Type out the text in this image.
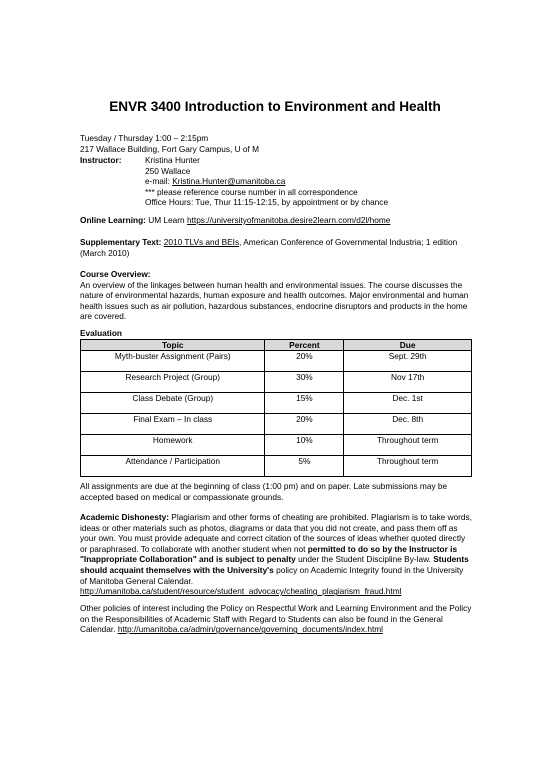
ENVR 3400 Introduction to Environment and Health
Tuesday / Thursday 1:00 – 2:15pm
217 Wallace Building, Fort Gary Campus, U of M
Instructor:	Kristina Hunter
250 Wallace
e-mail: Kristina.Hunter@umanitoba.ca
*** please reference course number in all correspondence
Office Hours: Tue, Thur 11:15-12:15, by appointment or by chance
Online Learning: UM Learn https://universityofmanitoba.desire2learn.com/d2l/home
Supplementary Text: 2010 TLVs and BEIs, American Conference of Governmental Industria; 1 edition (March 2010)
Course Overview:
An overview of the linkages between human health and environmental issues. The course discusses the nature of environmental hazards, human exposure and health outcomes. Major environmental and human health issues such as air pollution, hazardous substances, endocrine disruptors and products in the home are covered.
Evaluation
Topic	Percent	Due
Myth-buster Assignment (Pairs)	20%	Sept. 29th
Research Project (Group)	30%	Nov 17th
Class Debate (Group)	15%	Dec. 1st
Final Exam – In class	20%	Dec. 8th
Homework	10%	Throughout term
Attendance / Participation	5%	Throughout term
All assignments are due at the beginning of class (1:00 pm) and on paper. Late submissions may be accepted based on medical or compassionate grounds.
Academic Dishonesty: Plagiarism and other forms of cheating are prohibited. Plagiarism is to take words, ideas or other materials such as photos, diagrams or data that you did not create, and pass them off as your own. You must provide adequate and correct citation of the sources of ideas whether quoted directly or paraphrased. To collaborate with another student when not permitted to do so by the Instructor is "Inappropriate Collaboration" and is subject to penalty under the Student Discipline By-law. Students should acquaint themselves with the University's policy on Academic Integrity found in the University of Manitoba General Calendar.
http://umanitoba.ca/student/resource/student_advocacy/cheating_plagiarism_fraud.html
Other policies of interest including the Policy on Respectful Work and Learning Environment and the Policy on the Responsibilities of Academic Staff with Regard to Students can also be found in the General Calendar. http://umanitoba.ca/admin/governance/governing_documents/index.html
